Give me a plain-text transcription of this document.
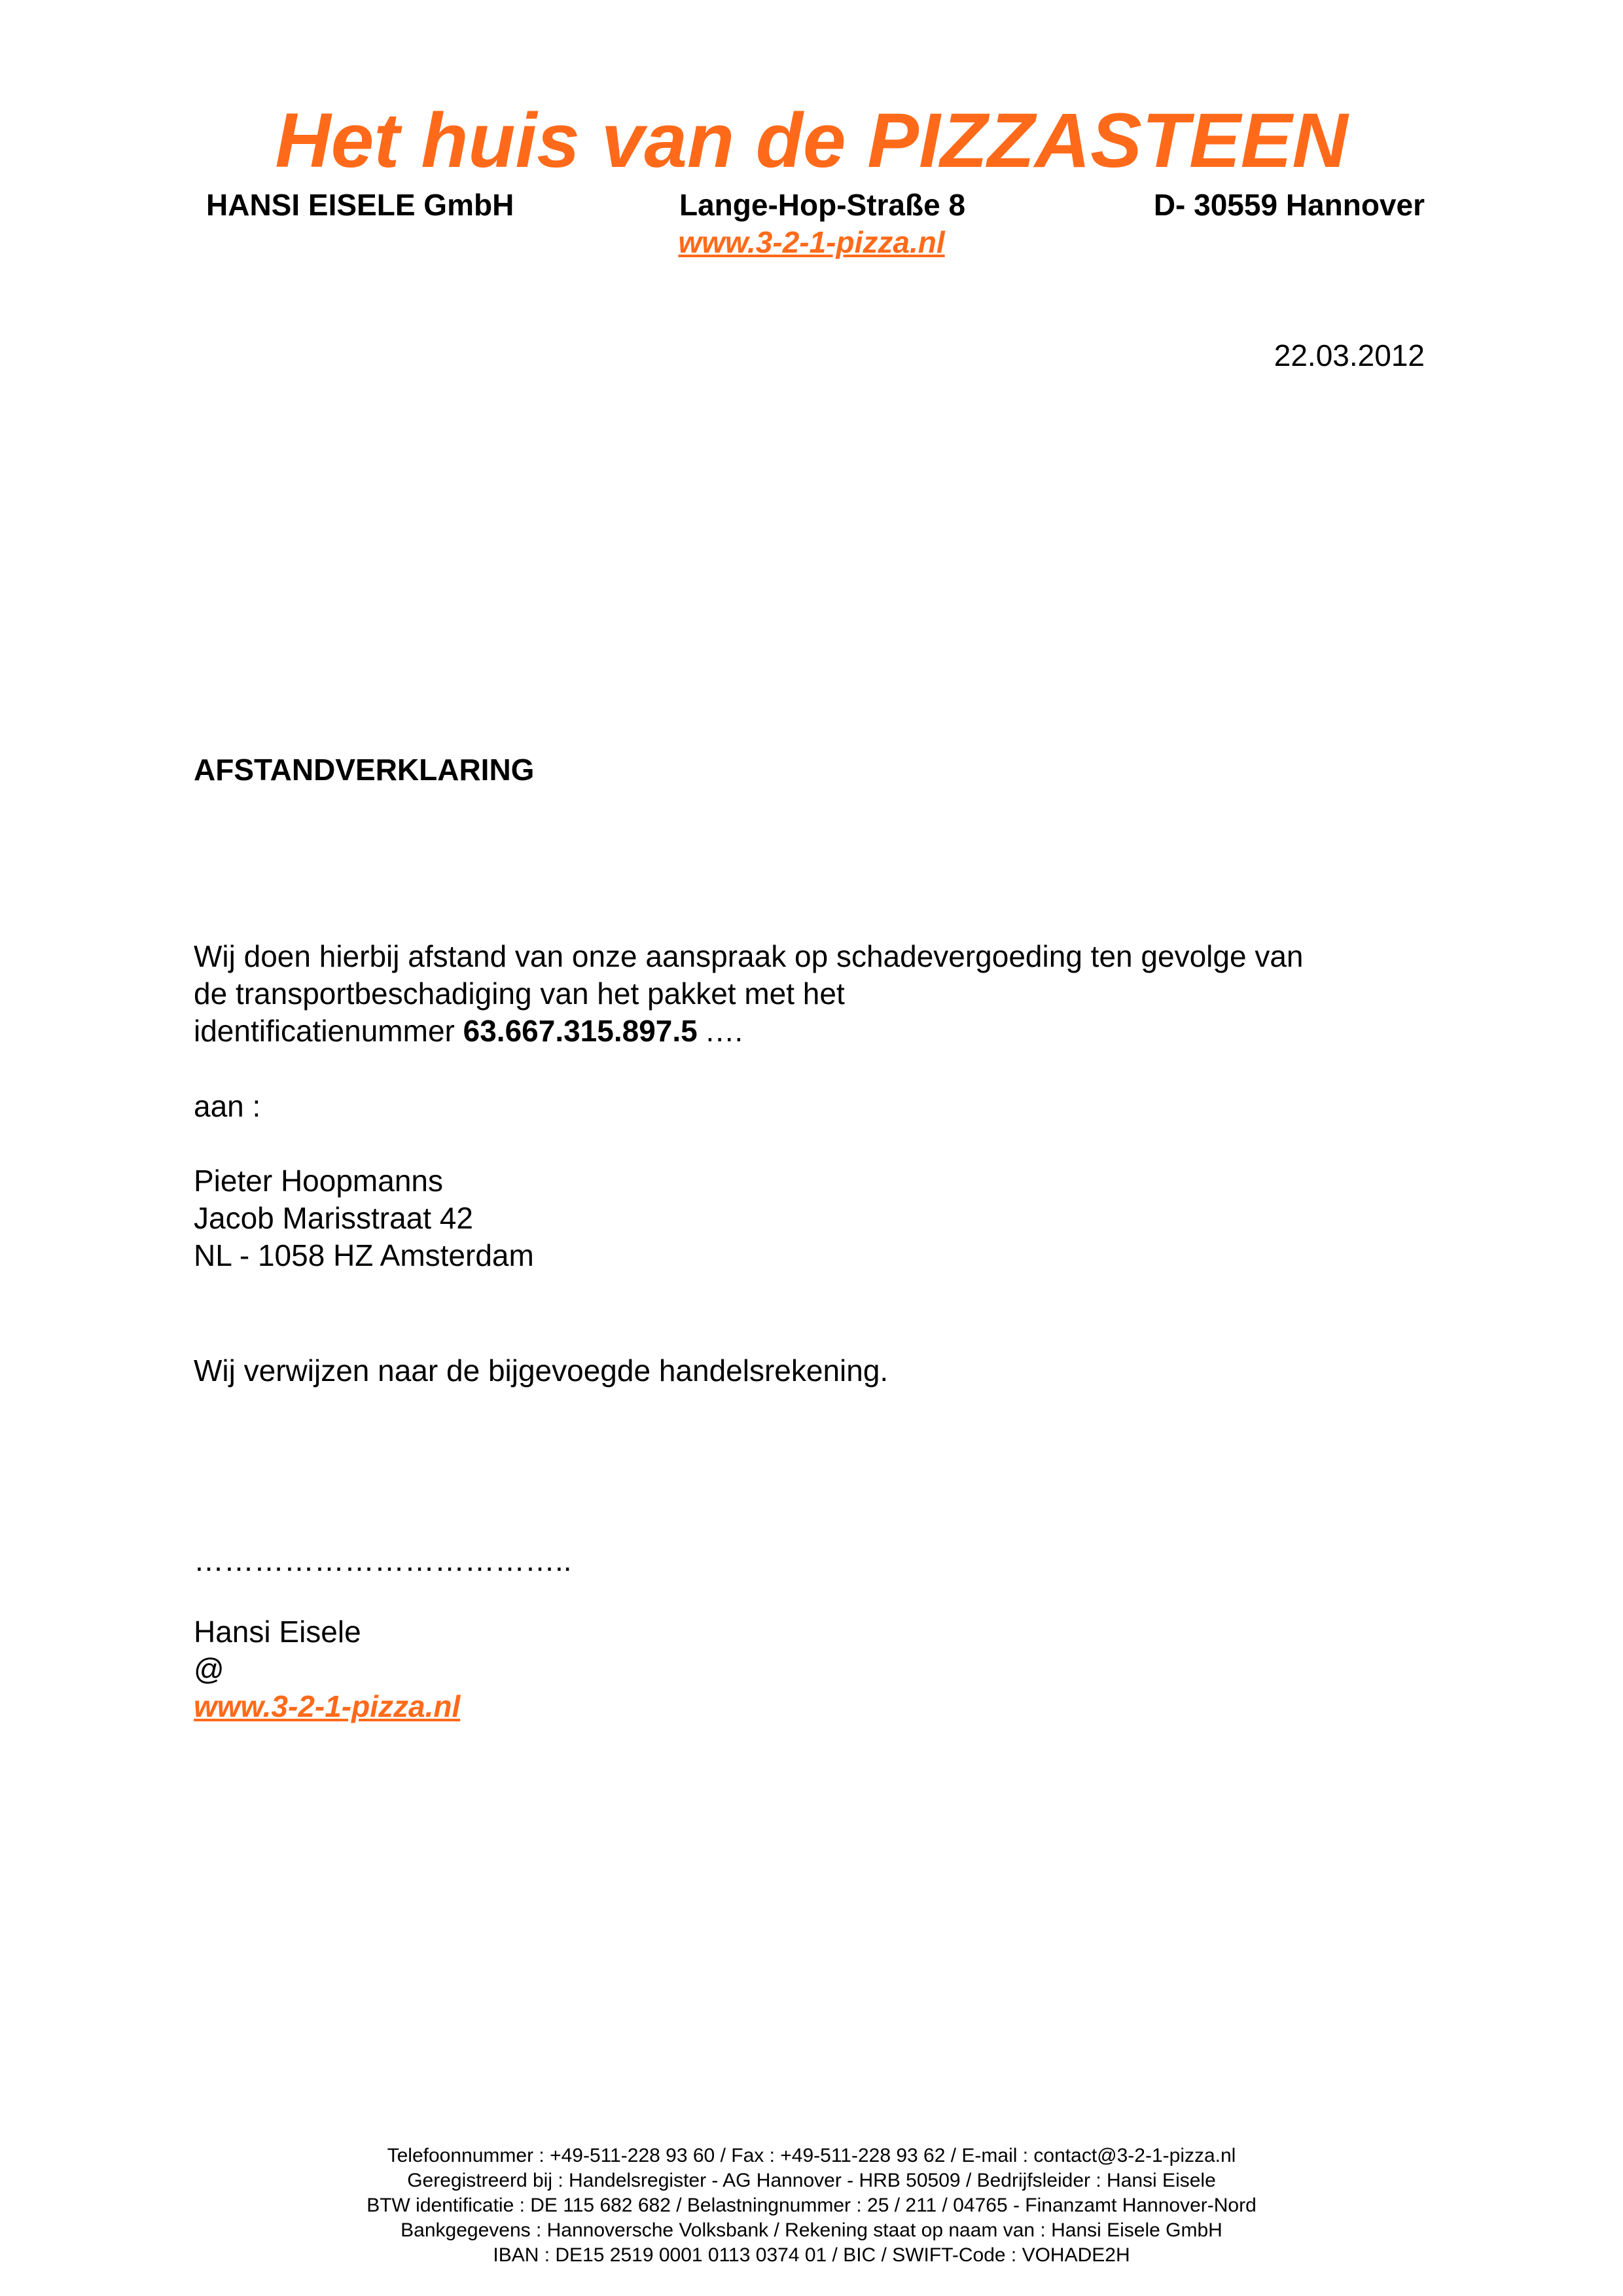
Het huis van de PIZZASTEEN
HANSI EISELE GmbH	Lange-Hop-Straße 8	D- 30559 Hannover
www.3-2-1-pizza.nl
22.03.2012
AFSTANDVERKLARING
Wij doen hierbij afstand van onze aanspraak op schadevergoeding ten gevolge van
de transportbeschadiging van het pakket met het
identificatienummer 63.667.315.897.5 .…
aan :
Pieter Hoopmanns
Jacob Marisstraat 42
NL - 1058 HZ Amsterdam
Wij verwijzen naar de bijgevoegde handelsrekening.
………………………………..
Hansi Eisele
@
www.3-2-1-pizza.nl
Telefoonnummer : +49-511-228 93 60 / Fax : +49-511-228 93 62 / E-mail : contact@3-2-1-pizza.nl
Geregistreerd bij : Handelsregister - AG Hannover - HRB 50509 / Bedrijfsleider : Hansi Eisele
BTW identificatie : DE 115 682 682 / Belastningnummer : 25 / 211 / 04765 - Finanzamt Hannover-Nord
Bankgegevens : Hannoversche Volksbank / Rekening staat op naam van : Hansi Eisele GmbH
IBAN : DE15 2519 0001 0113 0374 01 / BIC / SWIFT-Code : VOHADE2H
